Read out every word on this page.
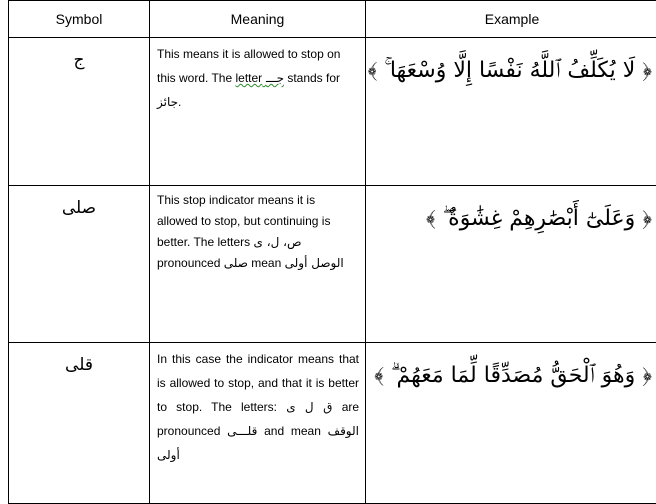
Symbol	Meaning	Example
ج	This means it is allowed to stop on this word. The letter جـــ stands for جائز.	﴿ لَا يُكَلِّفُ ٱللَّهُ نَفْسًا إِلَّا وُسْعَهَا ۚ ﴾
صلى	This stop indicator means it is allowed to stop, but continuing is better. The letters ص، ل، ى pronounced صلى mean الوصل أولى	﴿ وَعَلَىٰٓ أَبْصَٰرِهِمْ غِشَٰوَةٌ ۖ ﴾
قلى	In this case the indicator means that is allowed to stop, and that it is better to stop. The letters: ق ل ى are pronounced قلـــى and mean الوقف أولى	﴿ وَهُوَ ٱلْحَقُّ مُصَدِّقًا لِّمَا مَعَهُمْ ۗ ﴾
